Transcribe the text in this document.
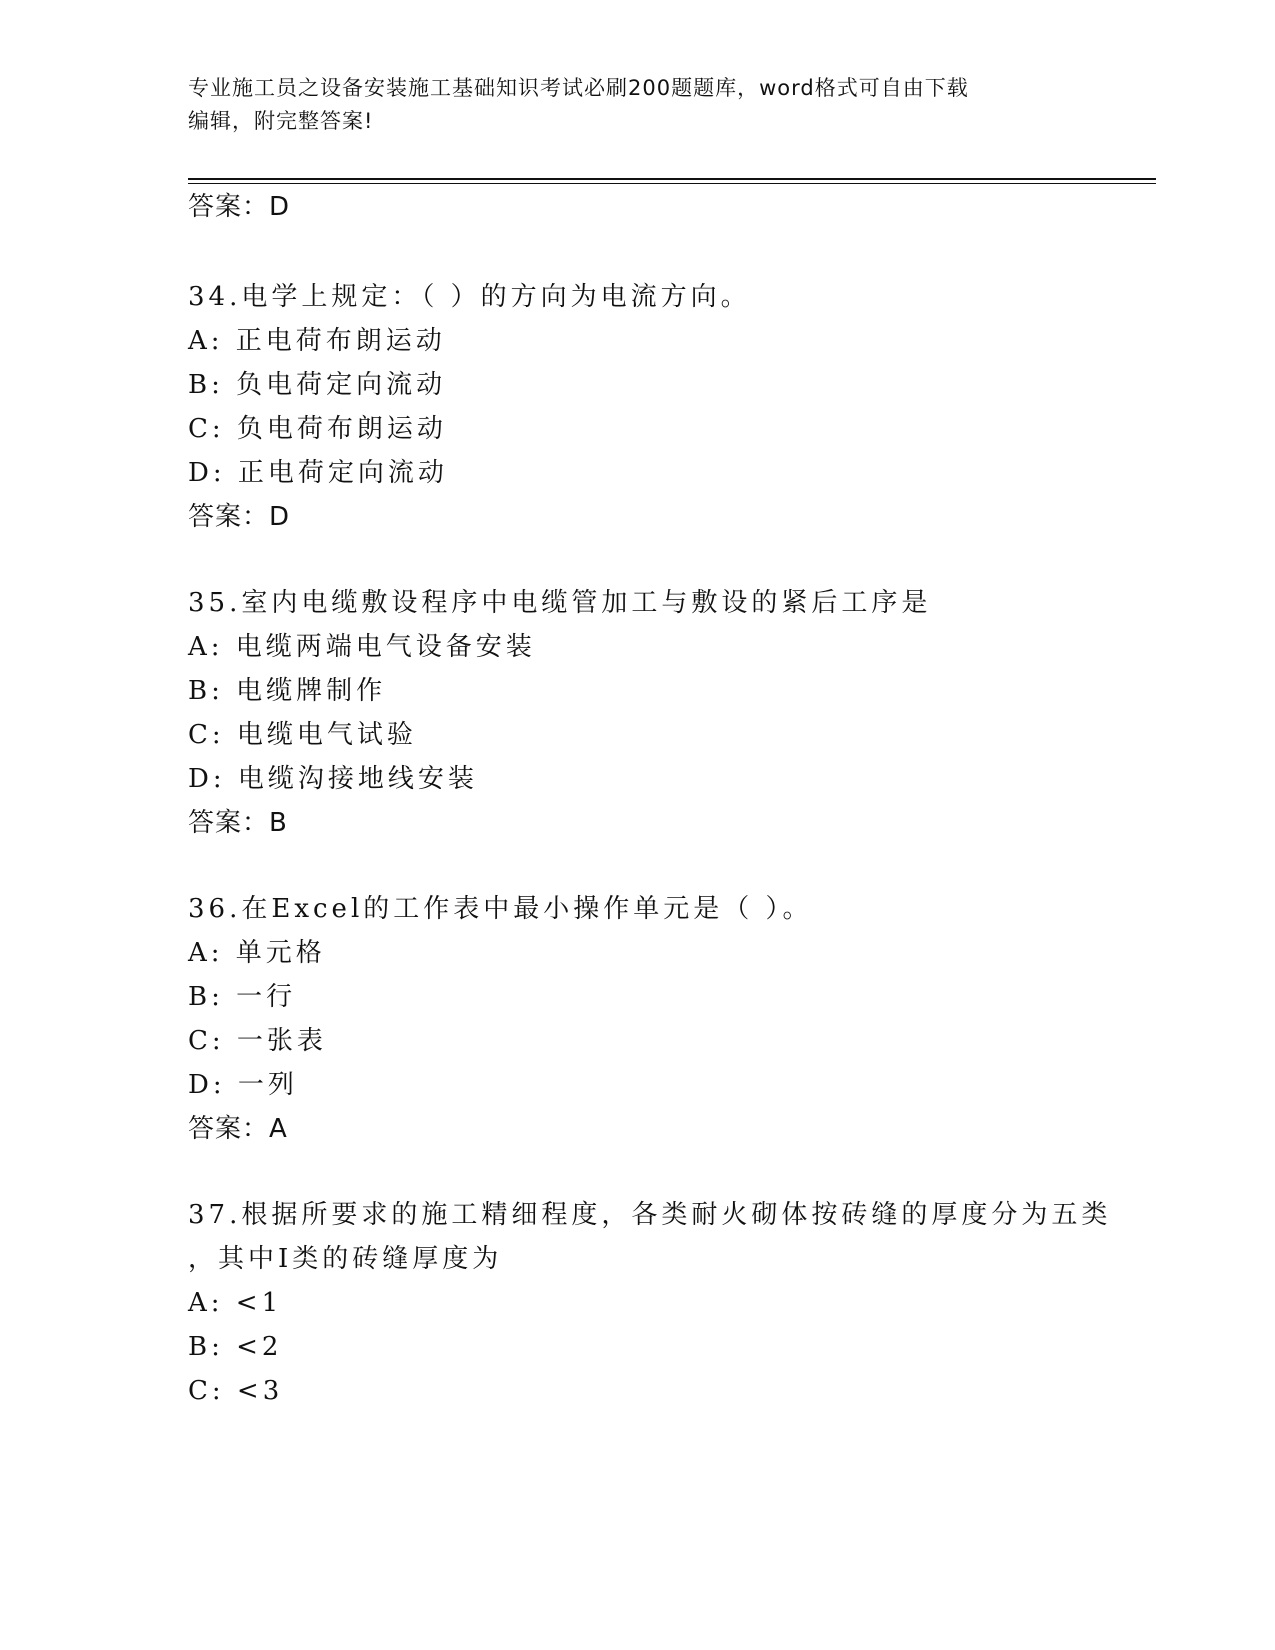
专业施工员之设备安装施工基础知识考试必刷200题题库，word格式可自由下载
编辑，附完整答案!
答案：D
34.电学上规定：（ ）的方向为电流方向。
A: 正电荷布朗运动
B: 负电荷定向流动
C: 负电荷布朗运动
D: 正电荷定向流动
答案：D
35.室内电缆敷设程序中电缆管加工与敷设的紧后工序是
A: 电缆两端电气设备安装
B: 电缆牌制作
C: 电缆电气试验
D: 电缆沟接地线安装
答案：B
36.在Excel的工作表中最小操作单元是（ ）。
A: 单元格
B: 一行
C: 一张表
D: 一列
答案：A
37.根据所要求的施工精细程度，各类耐火砌体按砖缝的厚度分为五类
，其中I类的砖缝厚度为
A: <1
B: <2
C: <3
